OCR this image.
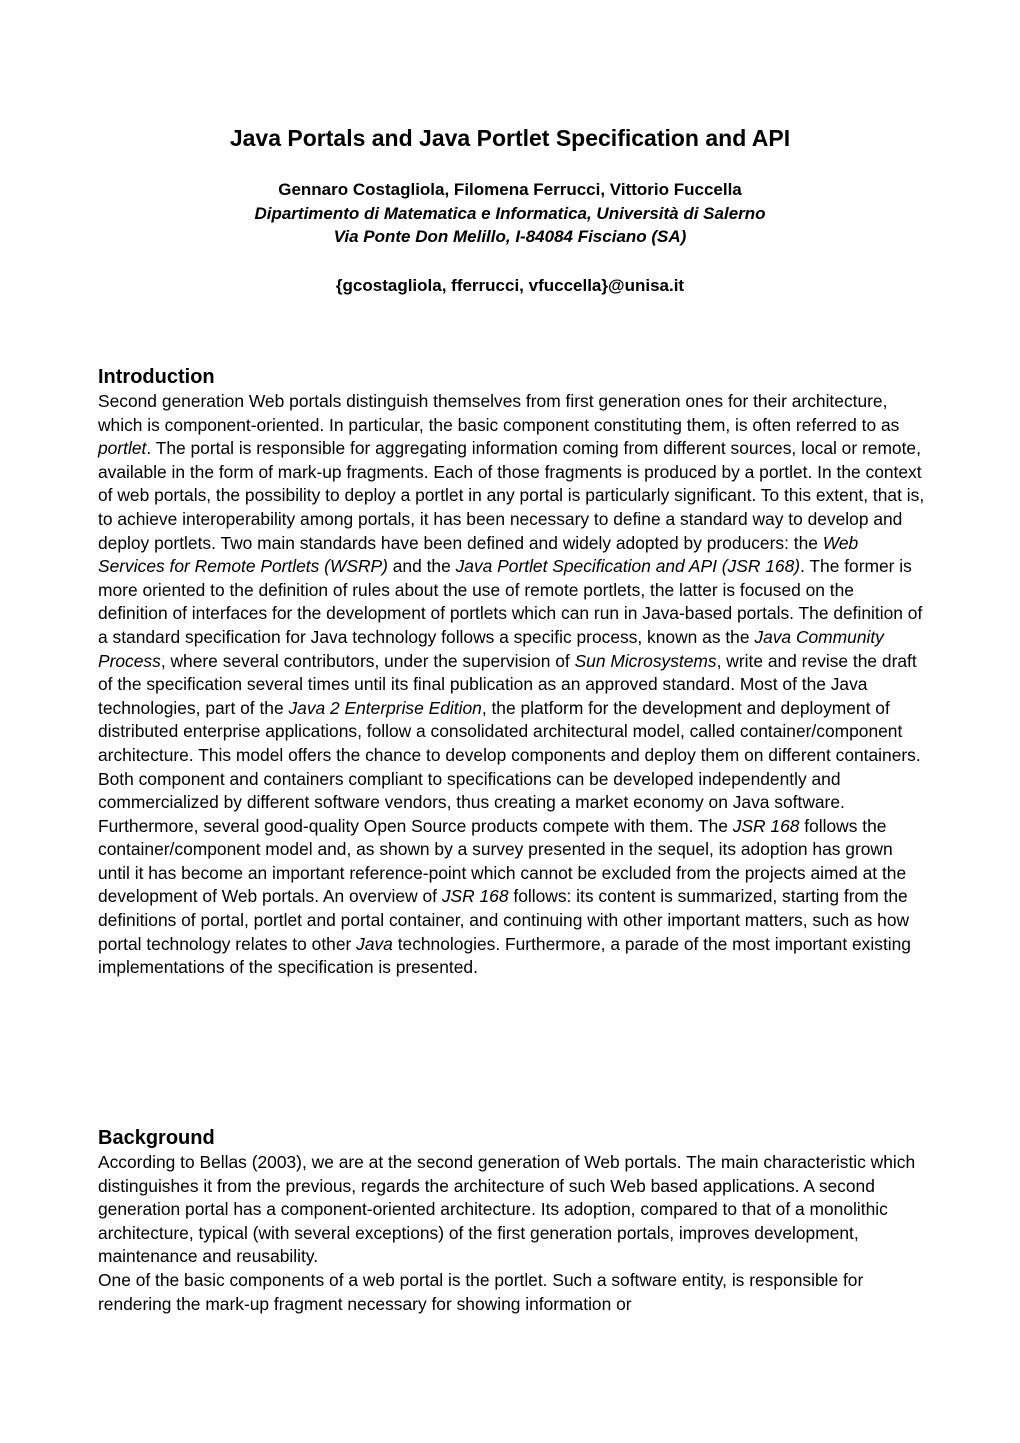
Java Portals and Java Portlet Specification and API
Gennaro Costagliola, Filomena Ferrucci, Vittorio Fuccella
Dipartimento di Matematica e Informatica, Università di Salerno
Via Ponte Don Melillo, I-84084 Fisciano (SA)
{gcostagliola, fferrucci, vfuccella}@unisa.it
Introduction

Second generation Web portals distinguish themselves from first generation ones for their architecture, which is component-oriented. In particular, the basic component constituting them, is often referred to as portlet. The portal is responsible for aggregating information coming from different sources, local or remote, available in the form of mark-up fragments. Each of those fragments is produced by a portlet. In the context of web portals, the possibility to deploy a portlet in any portal is particularly significant. To this extent, that is, to achieve interoperability among portals, it has been necessary to define a standard way to develop and deploy portlets. Two main standards have been defined and widely adopted by producers: the Web Services for Remote Portlets (WSRP) and the Java Portlet Specification and API (JSR 168). The former is more oriented to the definition of rules about the use of remote portlets, the latter is focused on the definition of interfaces for the development of portlets which can run in Java-based portals. The definition of a standard specification for Java technology follows a specific process, known as the Java Community Process, where several contributors, under the supervision of Sun Microsystems, write and revise the draft of the specification several times until its final publication as an approved standard. Most of the Java technologies, part of the Java 2 Enterprise Edition, the platform for the development and deployment of distributed enterprise applications, follow a consolidated architectural model, called container/component architecture. This model offers the chance to develop components and deploy them on different containers. Both component and containers compliant to specifications can be developed independently and commercialized by different software vendors, thus creating a market economy on Java software. Furthermore, several good-quality Open Source products compete with them. The JSR 168 follows the container/component model and, as shown by a survey presented in the sequel, its adoption has grown until it has become an important reference-point which cannot be excluded from the projects aimed at the development of Web portals. An overview of JSR 168 follows: its content is summarized, starting from the definitions of portal, portlet and portal container, and continuing with other important matters, such as how portal technology relates to other Java technologies. Furthermore, a parade of the most important existing implementations of the specification is presented.

Background

According to Bellas (2003), we are at the second generation of Web portals. The main characteristic which distinguishes it from the previous, regards the architecture of such Web based applications. A second generation portal has a component-oriented architecture. Its adoption, compared to that of a monolithic architecture, typical (with several exceptions) of the first generation portals, improves development, maintenance and reusability.

One of the basic components of a web portal is the portlet. Such a software entity, is responsible for rendering the mark-up fragment necessary for showing information or
